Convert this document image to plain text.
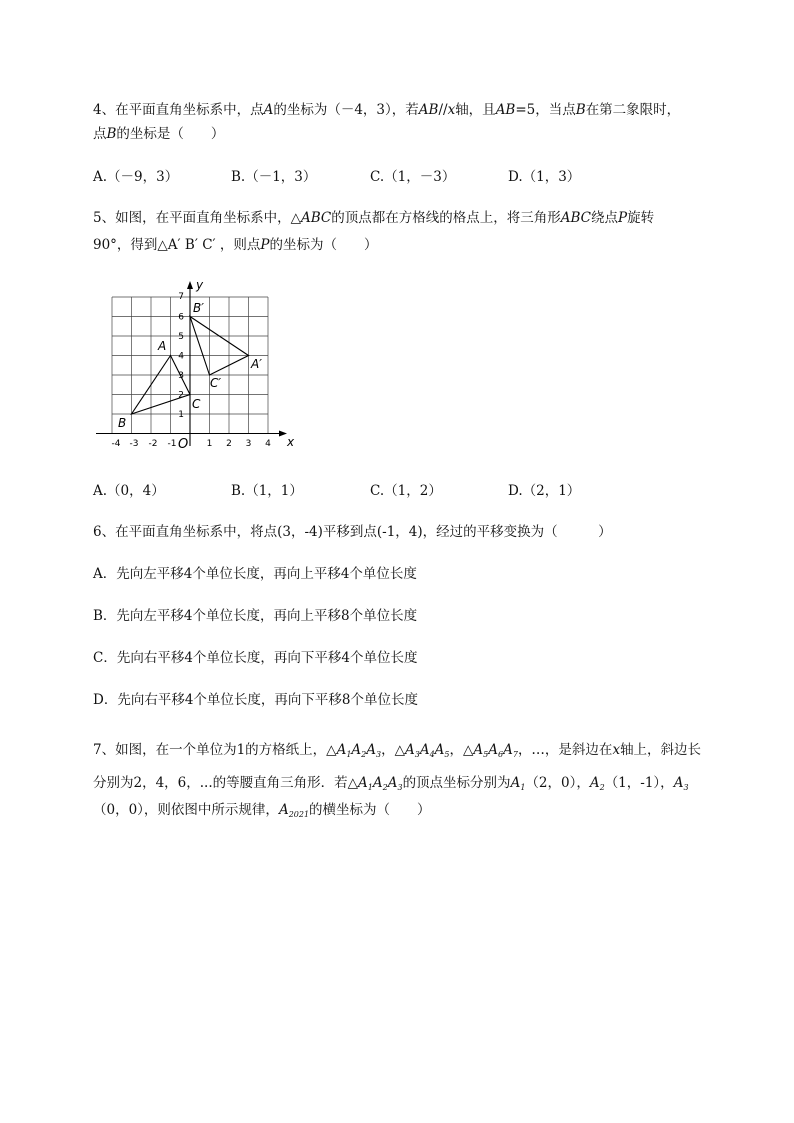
4、在平面直角坐标系中，点A的坐标为（－4，3），若AB//x轴，且AB=5，当点B在第二象限时，
点B的坐标是（　　）
A.（－9，3）	B.（－1，3）	C.（1，－3）	D.（1，3）
5、如图，在平面直角坐标系中，△ABC的顶点都在方格线的格点上，将三角形ABC绕点P旋转
90°，得到△A′ B′ C′ ，则点P的坐标为（　　）
-4 -3 -2 -1	1 2 3 4
1
2
3
4
5
6
7
y
x
O
A
B
C
A′
B′
C′
A.（0，4）	B.（1，1）	C.（1，2）	D.（2，1）
6、在平面直角坐标系中，将点(3，-4)平移到点(-1，4)，经过的平移变换为（　　　）
A．先向左平移4个单位长度，再向上平移4个单位长度
B．先向左平移4个单位长度，再向上平移8个单位长度
C．先向右平移4个单位长度，再向下平移4个单位长度
D．先向右平移4个单位长度，再向下平移8个单位长度
7、如图，在一个单位为1的方格纸上，$\triangle A_1A_2A_3$，$\triangle A_3A_4A_5$，$\triangle A_5A_6A_7$，…，是斜边在x轴上，斜边长
分别为2，4，6，...的等腰直角三角形．若$\triangle A_1A_2A_3$的顶点坐标分别为$A_1(2$，0），$A_2(1$，-1），$A_3$
（0，0），则依图中所示规律，$A_{2021}$的横坐标为（　　）
